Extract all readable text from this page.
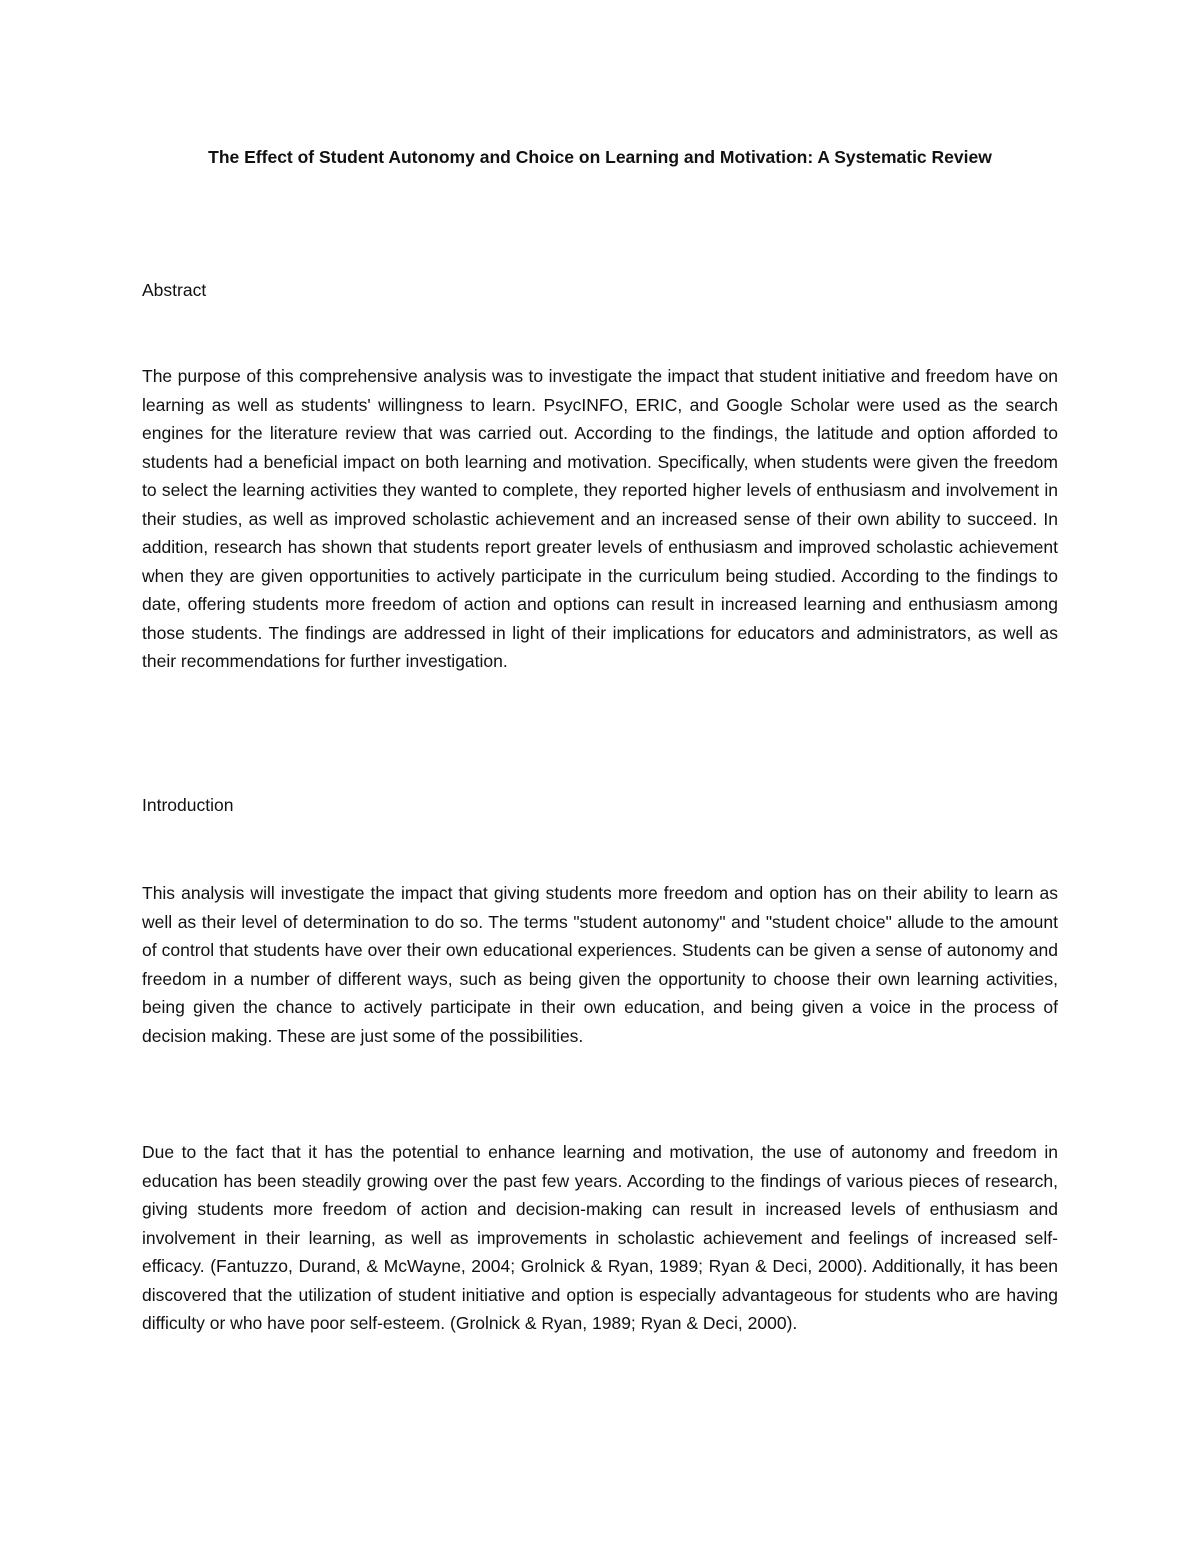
The Effect of Student Autonomy and Choice on Learning and Motivation: A Systematic Review
Abstract

The purpose of this comprehensive analysis was to investigate the impact that student initiative and freedom have on learning as well as students' willingness to learn. PsycINFO, ERIC, and Google Scholar were used as the search engines for the literature review that was carried out. According to the findings, the latitude and option afforded to students had a beneficial impact on both learning and motivation. Specifically, when students were given the freedom to select the learning activities they wanted to complete, they reported higher levels of enthusiasm and involvement in their studies, as well as improved scholastic achievement and an increased sense of their own ability to succeed. In addition, research has shown that students report greater levels of enthusiasm and improved scholastic achievement when they are given opportunities to actively participate in the curriculum being studied. According to the findings to date, offering students more freedom of action and options can result in increased learning and enthusiasm among those students. The findings are addressed in light of their implications for educators and administrators, as well as their recommendations for further investigation.

Introduction

This analysis will investigate the impact that giving students more freedom and option has on their ability to learn as well as their level of determination to do so. The terms "student autonomy" and "student choice" allude to the amount of control that students have over their own educational experiences. Students can be given a sense of autonomy and freedom in a number of different ways, such as being given the opportunity to choose their own learning activities, being given the chance to actively participate in their own education, and being given a voice in the process of decision making. These are just some of the possibilities.

Due to the fact that it has the potential to enhance learning and motivation, the use of autonomy and freedom in education has been steadily growing over the past few years. According to the findings of various pieces of research, giving students more freedom of action and decision-making can result in increased levels of enthusiasm and involvement in their learning, as well as improvements in scholastic achievement and feelings of increased self-efficacy. (Fantuzzo, Durand, & McWayne, 2004; Grolnick & Ryan, 1989; Ryan & Deci, 2000). Additionally, it has been discovered that the utilization of student initiative and option is especially advantageous for students who are having difficulty or who have poor self-esteem. (Grolnick & Ryan, 1989; Ryan & Deci, 2000).
